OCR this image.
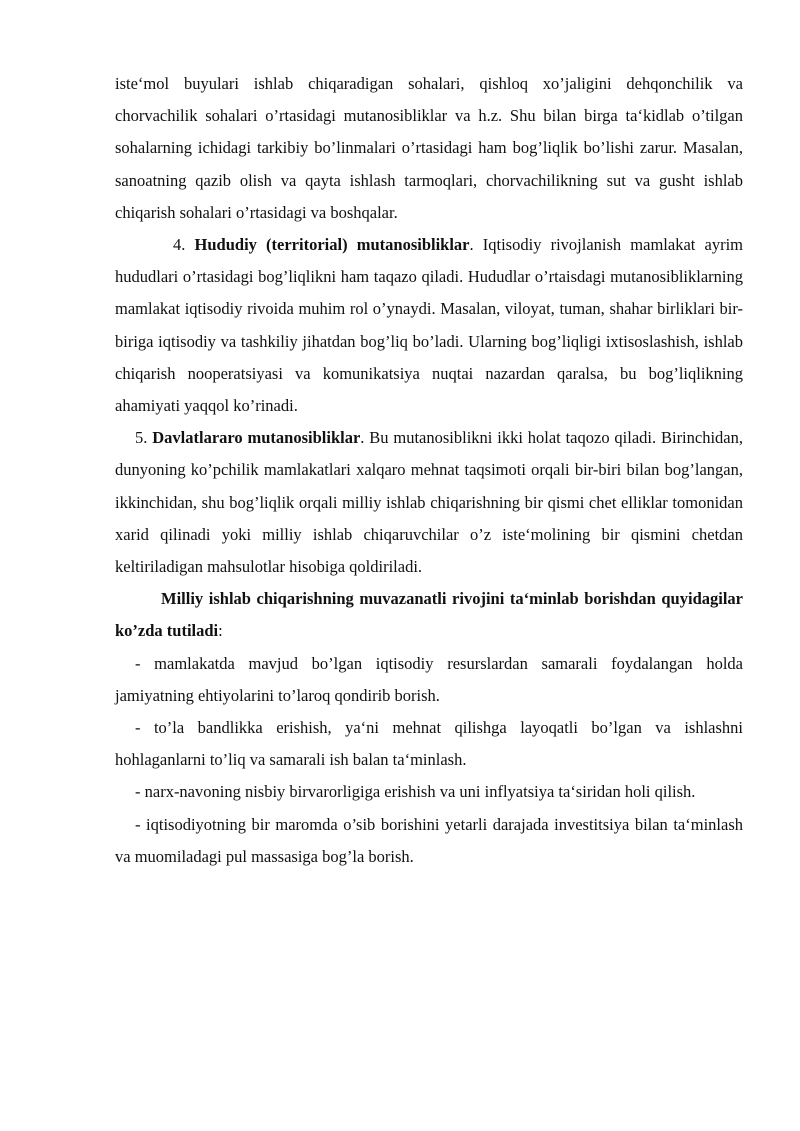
iste‘mol buyulari ishlab chiqaradigan sohalari, qishloq xo’jaligini dehqonchilik va chorvachilik sohalari o’rtasidagi mutanosibliklar va h.z. Shu bilan birga ta‘kidlab o’tilgan sohalarning ichidagi tarkibiy bo’linmalari o’rtasidagi ham bog’liqlik bo’lishi zarur. Masalan, sanoatning qazib olish va qayta ishlash tarmoqlari, chorvachilikning sut va gusht ishlab chiqarish sohalari o’rtasidagi va boshqalar.

4. Hududiy (territorial) mutanosibliklar. Iqtisodiy rivojlanish mamlakat ayrim hududlari o’rtasidagi bog’liqlikni ham taqazo qiladi. Hududlar o’rtaisdagi mutanosibliklarning mamlakat iqtisodiy rivoida muhim rol o’ynaydi. Masalan, viloyat, tuman, shahar birliklari bir-biriga iqtisodiy va tashkiliy jihatdan bog’liq bo’ladi. Ularning bog’liqligi ixtisoslashish, ishlab chiqarish nooperatsiyasi va komunikatsiya nuqtai nazardan qaralsa, bu bog’liqlikning ahamiyati yaqqol ko’rinadi.

5. Davlatlararo mutanosibliklar. Bu mutanosiblikni ikki holat taqozo qiladi. Birinchidan, dunyoning ko’pchilik mamlakatlari xalqaro mehnat taqsimoti orqali bir-biri bilan bog’langan, ikkinchidan, shu bog’liqlik orqali milliy ishlab chiqarishning bir qismi chet elliklar tomonidan xarid qilinadi yoki milliy ishlab chiqaruvchilar o’z iste‘molining bir qismini chetdan keltiriladigan mahsulotlar hisobiga qoldiriladi.

Milliy ishlab chiqarishning muvazanatli rivojini ta‘minlab borishdan quyidagilar ko’zda tutiladi:

- mamlakatda mavjud bo’lgan iqtisodiy resurslardan samarali foydalangan holda jamiyatning ehtiyolarini to’laroq qondirib borish.

- to’la bandlikka erishish, ya‘ni mehnat qilishga layoqatli bo’lgan va ishlashni hohlaganlarni to’liq va samarali ish balan ta‘minlash.

- narx-navoning nisbiy birvarorligiga erishish va uni inflyatsiya ta‘siridan holi qilish.

- iqtisodiyotning bir maromda o’sib borishini yetarli darajada investitsiya bilan ta‘minlash va muomiladagi pul massasiga bog’la borish.
